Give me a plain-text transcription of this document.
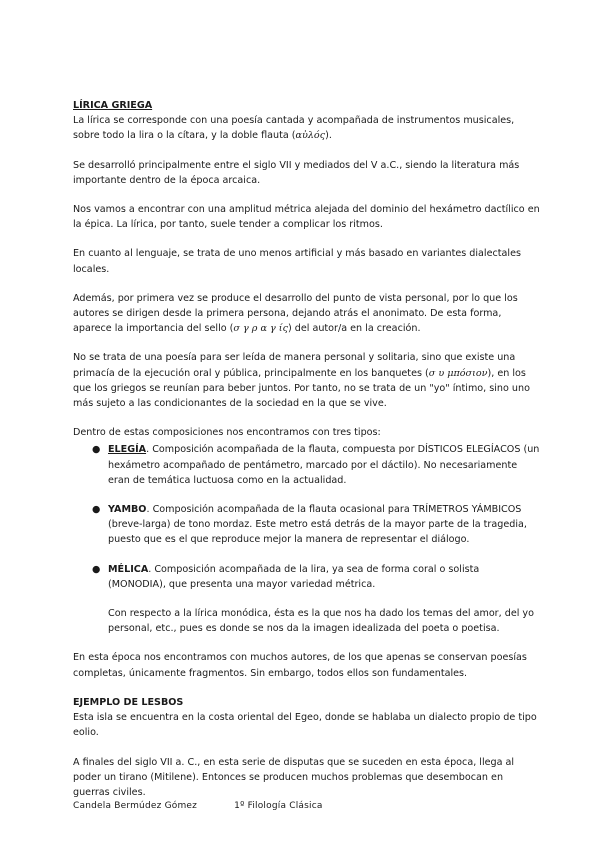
LÍRICA GRIEGA

La lírica se corresponde con una poesía cantada y acompañada de instrumentos musicales, sobre todo la lira o la cítara, y la doble flauta (αὐλός).

Se desarrolló principalmente entre el siglo VII y mediados del V a.C., siendo la literatura más importante dentro de la época arcaica.

Nos vamos a encontrar con una amplitud métrica alejada del dominio del hexámetro dactílico en la épica. La lírica, por tanto, suele tender a complicar los ritmos.

En cuanto al lenguaje, se trata de uno menos artificial y más basado en variantes dialectales locales.

Además, por primera vez se produce el desarrollo del punto de vista personal, por lo que los autores se dirigen desde la primera persona, dejando atrás el anonimato. De esta forma, aparece la importancia del sello (σ γ ρ α γ ίς) del autor/a en la creación.

No se trata de una poesía para ser leída de manera personal y solitaria, sino que existe una primacía de la ejecución oral y pública, principalmente en los banquetes (σ υ μπόσιον), en los que los griegos se reunían para beber juntos. Por tanto, no se trata de un "yo" íntimo, sino uno más sujeto a las condicionantes de la sociedad en la que se vive.

Dentro de estas composiciones nos encontramos con tres tipos:

● ELEGÍA. Composición acompañada de la flauta, compuesta por DÍSTICOS ELEGÍACOS (un hexámetro acompañado de pentámetro, marcado por el dáctilo). No necesariamente eran de temática luctuosa como en la actualidad.
● YAMBO. Composición acompañada de la flauta ocasional para TRÍMETROS YÁMBICOS (breve-larga) de tono mordaz. Este metro está detrás de la mayor parte de la tragedia, puesto que es el que reproduce mejor la manera de representar el diálogo.
● MÉLICA. Composición acompañada de la lira, ya sea de forma coral o solista (MONODIA), que presenta una mayor variedad métrica.
Con respecto a la lírica monódica, ésta es la que nos ha dado los temas del amor, del yo personal, etc., pues es donde se nos da la imagen idealizada del poeta o poetisa.

En esta época nos encontramos con muchos autores, de los que apenas se conservan poesías completas, únicamente fragmentos. Sin embargo, todos ellos son fundamentales.

EJEMPLO DE LESBOS

Esta isla se encuentra en la costa oriental del Egeo, donde se hablaba un dialecto propio de tipo eolio.

A finales del siglo VII a. C., en esta serie de disputas que se suceden en esta época, llega al poder un tirano (Mitilene). Entonces se producen muchos problemas que desembocan en guerras civiles.

Candela Bermúdez Gómez	1º Filología Clásica
